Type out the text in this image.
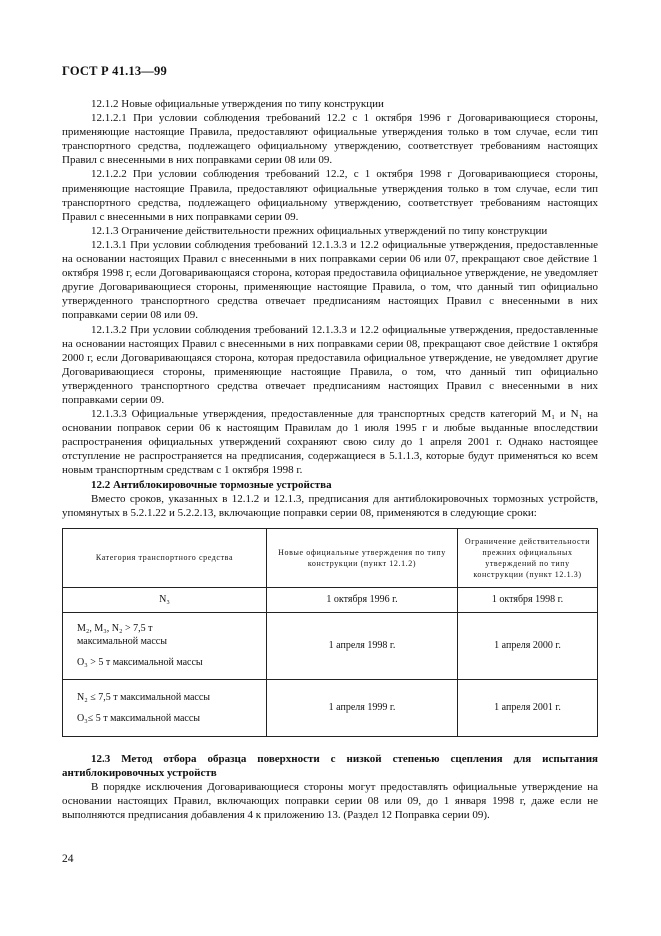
ГОСТ Р 41.13—99

12.1.2 Новые официальные утверждения по типу конструкции

12.1.2.1 При условии соблюдения требований 12.2 с 1 октября 1996 г Договаривающиеся стороны, применяющие настоящие Правила, предоставляют официальные утверждения только в том случае, если тип транспортного средства, подлежащего официальному утверждению, соответствует требованиям настоящих Правил с внесенными в них поправками серии 08 или 09.

12.1.2.2 При условии соблюдения требований 12.2, с 1 октября 1998 г Договаривающиеся стороны, применяющие настоящие Правила, предоставляют официальные утверждения только в том случае, если тип транспортного средства, подлежащего официальному утверждению, соответствует требованиям настоящих Правил с внесенными в них поправками серии 09.

12.1.3 Ограничение действительности прежних официальных утверждений по типу конструкции

12.1.3.1 При условии соблюдения требований 12.1.3.3 и 12.2 официальные утверждения, предоставленные на основании настоящих Правил с внесенными в них поправками серии 06 или 07, прекращают свое действие 1 октября 1998 г, если Договаривающаяся сторона, которая предоставила официальное утверждение, не уведомляет другие Договаривающиеся стороны, применяющие настоящие Правила, о том, что данный тип официально утвержденного транспортного средства отвечает предписаниям настоящих Правил с внесенными в них поправками серии 08 или 09.

12.1.3.2 При условии соблюдения требований 12.1.3.3 и 12.2 официальные утверждения, предоставленные на основании настоящих Правил с внесенными в них поправками серии 08, прекращают свое действие 1 октября 2000 г, если Договаривающаяся сторона, которая предоставила официальное утверждение, не уведомляет другие Договаривающиеся стороны, применяющие настоящие Правила, о том, что данный тип официально утвержденного транспортного средства отвечает предписаниям настоящих Правил с внесенными в них поправками серии 09.

12.1.3.3 Официальные утверждения, предоставленные для транспортных средств категорий M₁ и N₁ на основании поправок серии 06 к настоящим Правилам до 1 июля 1995 г и любые выданные впоследствии распространения официальных утверждений сохраняют свою силу до 1 апреля 2001 г. Однако настоящее отступление не распространяется на предписания, содержащиеся в 5.1.1.3, которые будут применяться ко всем новым транспортным средствам с 1 октября 1998 г.

12.2 Антиблокировочные тормозные устройства

Вместо сроков, указанных в 12.1.2 и 12.1.3, предписания для антиблокировочных тормозных устройств, упомянутых в 5.2.1.22 и 5.2.2.13, включающие поправки серии 08, применяются в следующие сроки:

Категория транспортного средства	Новые официальные утверждения по типу конструкции (пункт 12.1.2)	Ограничение действительности прежних официальных утверждений по типу конструкции (пункт 12.1.3)
N₃	1 октября 1996 г.	1 октября 1998 г.

M₂, M₃, N₂ > 7,5 т
максимальной массы
O₃ > 5 т максимальной массы	1 апреля 1998 г.	1 апреля 2000 г.

N₂ ≤ 7,5 т максимальной массы
O₃≤ 5 т максимальной массы	1 апреля 1999 г.	1 апреля 2001 г.

12.3 Метод отбора образца поверхности с низкой степенью сцепления для испытания антиблокировочных устройств

В порядке исключения Договаривающиеся стороны могут предоставлять официальные утверждение на основании настоящих Правил, включающих поправки серии 08 или 09, до 1 января 1998 г, даже если не выполняются предписания добавления 4 к приложению 13. (Раздел 12 Поправка серии 09).

24
